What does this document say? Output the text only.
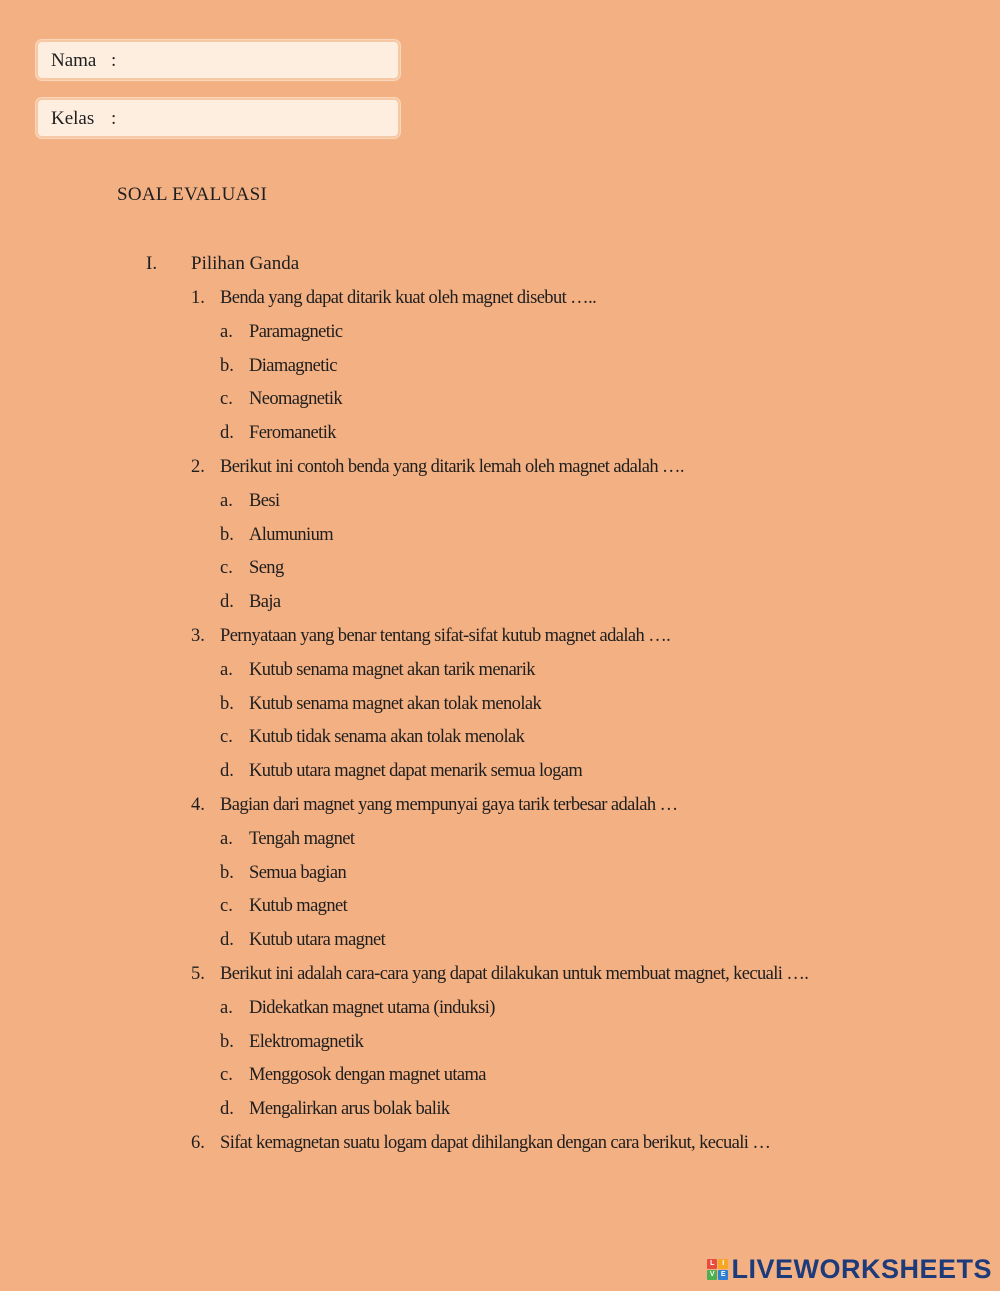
Nama :
Kelas :
SOAL EVALUASI
I. Pilihan Ganda
1. Benda yang dapat ditarik kuat oleh magnet disebut …..
a. Paramagnetic
b. Diamagnetic
c. Neomagnetik
d. Feromanetik
2. Berikut ini contoh benda yang ditarik lemah oleh magnet adalah ….
a. Besi
b. Alumunium
c. Seng
d. Baja
3. Pernyataan yang benar tentang sifat-sifat kutub magnet adalah ….
a. Kutub senama magnet akan tarik menarik
b. Kutub senama magnet akan tolak menolak
c. Kutub tidak senama akan tolak menolak
d. Kutub utara magnet dapat menarik semua logam
4. Bagian dari magnet yang mempunyai gaya tarik terbesar adalah …
a. Tengah magnet
b. Semua bagian
c. Kutub magnet
d. Kutub utara magnet
5. Berikut ini adalah cara-cara yang dapat dilakukan untuk membuat magnet, kecuali ….
a. Didekatkan magnet utama (induksi)
b. Elektromagnetik
c. Menggosok dengan magnet utama
d. Mengalirkan arus bolak balik
6. Sifat kemagnetan suatu logam dapat dihilangkan dengan cara berikut, kecuali …
L	I
V E LIVEWORKSHEETS
